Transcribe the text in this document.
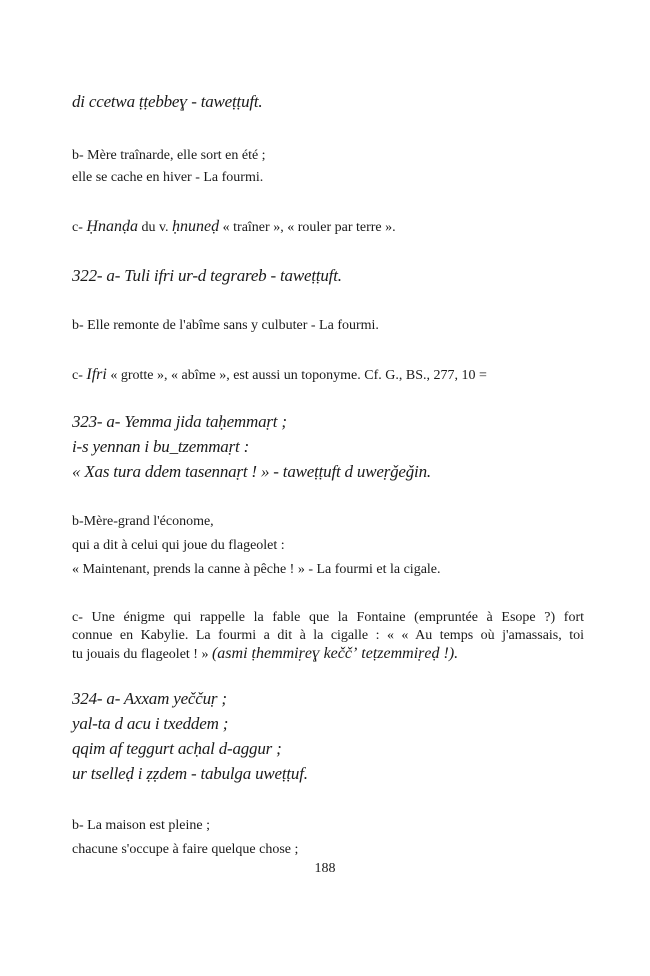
di ccetwa ṭṭebbeɣ - taweṭṭuft.
b- Mère traînarde, elle sort en été ;
elle se cache en hiver - La fourmi.
c- Ḥnanḍa du v. ḥnuneḍ « traîner », « rouler par terre ».
322- a- Tuli ifri ur-d tegrareb - taweṭṭuft.
b- Elle remonte de l'abîme sans y culbuter - La fourmi.
c- Ifri « grotte », « abîme », est aussi un toponyme. Cf. G., BS., 277, 10 =
323- a- Yemma jida taḥemmaṛt ;
i-s yennan i bu_tzemmaṛt :
« Xas tura ddem tasennaṛt ! » - taweṭṭuft d uweṛǧeǧin.
b-Mère-grand l'économe,
qui a dit à celui qui joue du flageolet :
« Maintenant, prends la canne à pêche ! » - La fourmi et la cigale.
c- Une énigme qui rappelle la fable que la Fontaine (empruntée à Esope ?) fort
connue en Kabylie. La fourmi a dit à la cigalle : « « Au temps où j'amassais, toi
tu jouais du flageolet ! » (asmi ṭhemmiṛeɣ keččʼ teṭzemmiṛeḍ !).
324- a- Axxam yeččuṛ ;
yal-ta d acu i txeddem ;
qqim af teggurt acḥal d-aggur ;
ur tselleḍ i ẓẓdem - tabulga uweṭṭuf.
b- La maison est pleine ;
chacune s'occupe à faire quelque chose ;
188
